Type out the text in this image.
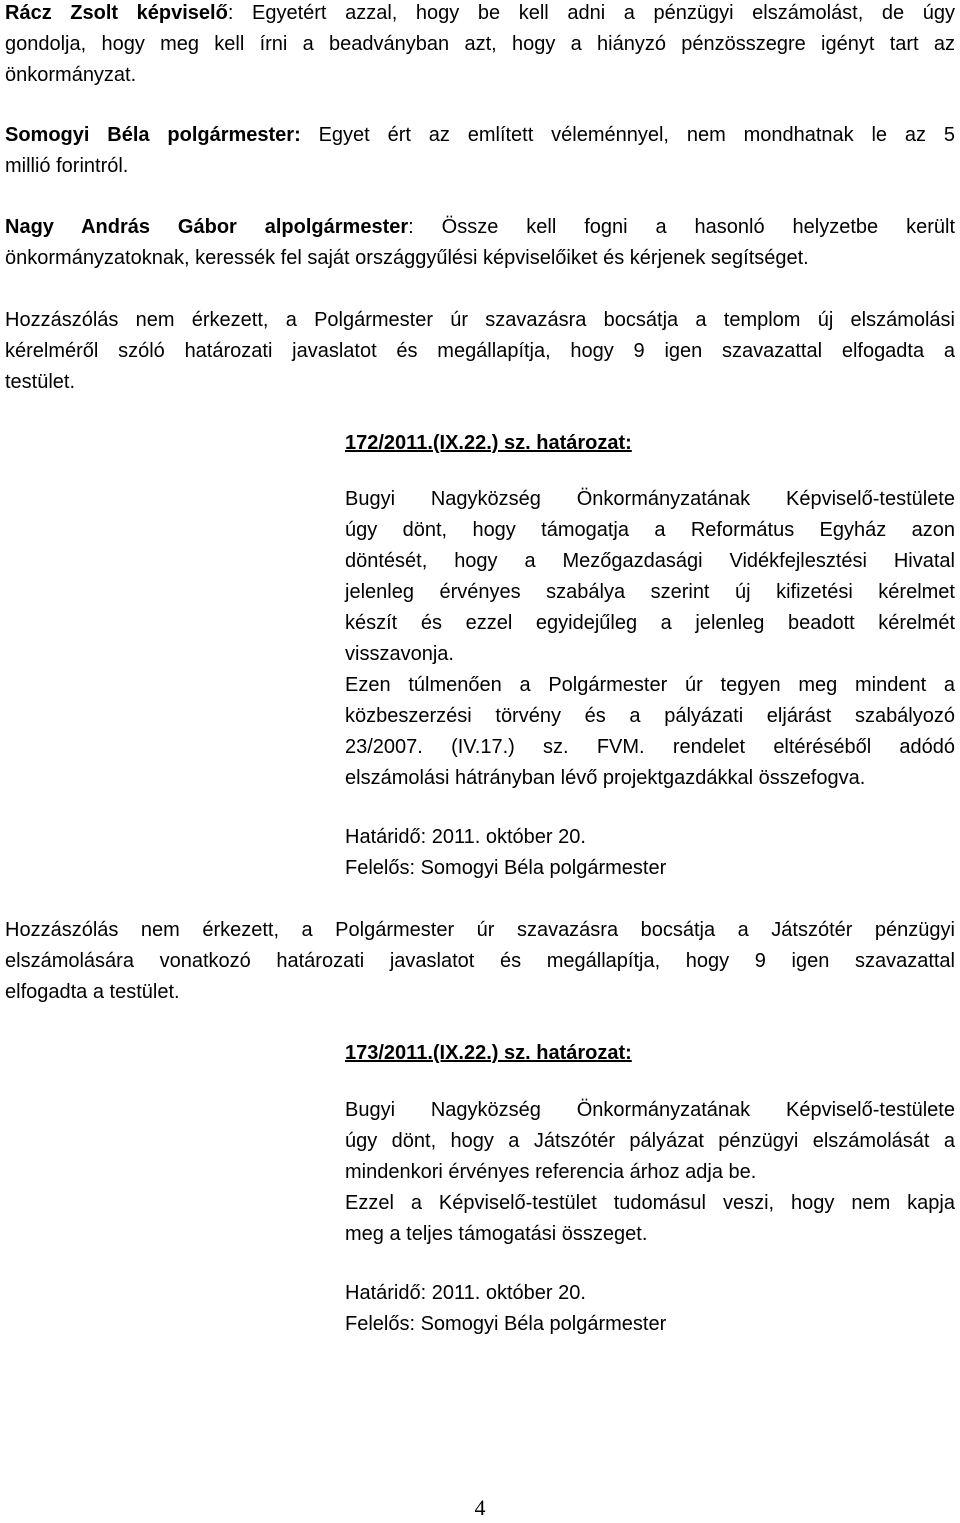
Rácz Zsolt képviselő: Egyetért azzal, hogy be kell adni a pénzügyi elszámolást, de úgy
gondolja, hogy meg kell írni a beadványban azt, hogy a hiányzó pénzösszegre igényt tart az
önkormányzat.
Somogyi Béla polgármester: Egyet ért az említett véleménnyel, nem mondhatnak le az 5
millió forintról.
Nagy András Gábor alpolgármester: Össze kell fogni a hasonló helyzetbe került
önkormányzatoknak, keressék fel saját országgyűlési képviselőiket és kérjenek segítséget.
Hozzászólás nem érkezett, a Polgármester úr szavazásra bocsátja a templom új elszámolási
kérelméről szóló határozati javaslatot és megállapítja, hogy 9 igen szavazattal elfogadta a
testület.
172/2011.(IX.22.) sz. határozat:
Bugyi Nagyközség Önkormányzatának Képviselő-testülete
úgy dönt, hogy támogatja a Református Egyház azon
döntését, hogy a Mezőgazdasági Vidékfejlesztési Hivatal
jelenleg érvényes szabálya szerint új kifizetési kérelmet
készít és ezzel egyidejűleg a jelenleg beadott kérelmét
visszavonja.
Ezen túlmenően a Polgármester úr tegyen meg mindent a
közbeszerzési törvény és a pályázati eljárást szabályozó
23/2007. (IV.17.) sz. FVM. rendelet eltéréséből adódó
elszámolási hátrányban lévő projektgazdákkal összefogva.
Határidő: 2011. október 20.
Felelős: Somogyi Béla polgármester
Hozzászólás nem érkezett, a Polgármester úr szavazásra bocsátja a Játszótér pénzügyi
elszámolására vonatkozó határozati javaslatot és megállapítja, hogy 9 igen szavazattal
elfogadta a testület.
173/2011.(IX.22.) sz. határozat:
Bugyi Nagyközség Önkormányzatának Képviselő-testülete
úgy dönt, hogy a Játszótér pályázat pénzügyi elszámolását a
mindenkori érvényes referencia árhoz adja be.
Ezzel a Képviselő-testület tudomásul veszi, hogy nem kapja
meg a teljes támogatási összeget.
Határidő: 2011. október 20.
Felelős: Somogyi Béla polgármester
4
